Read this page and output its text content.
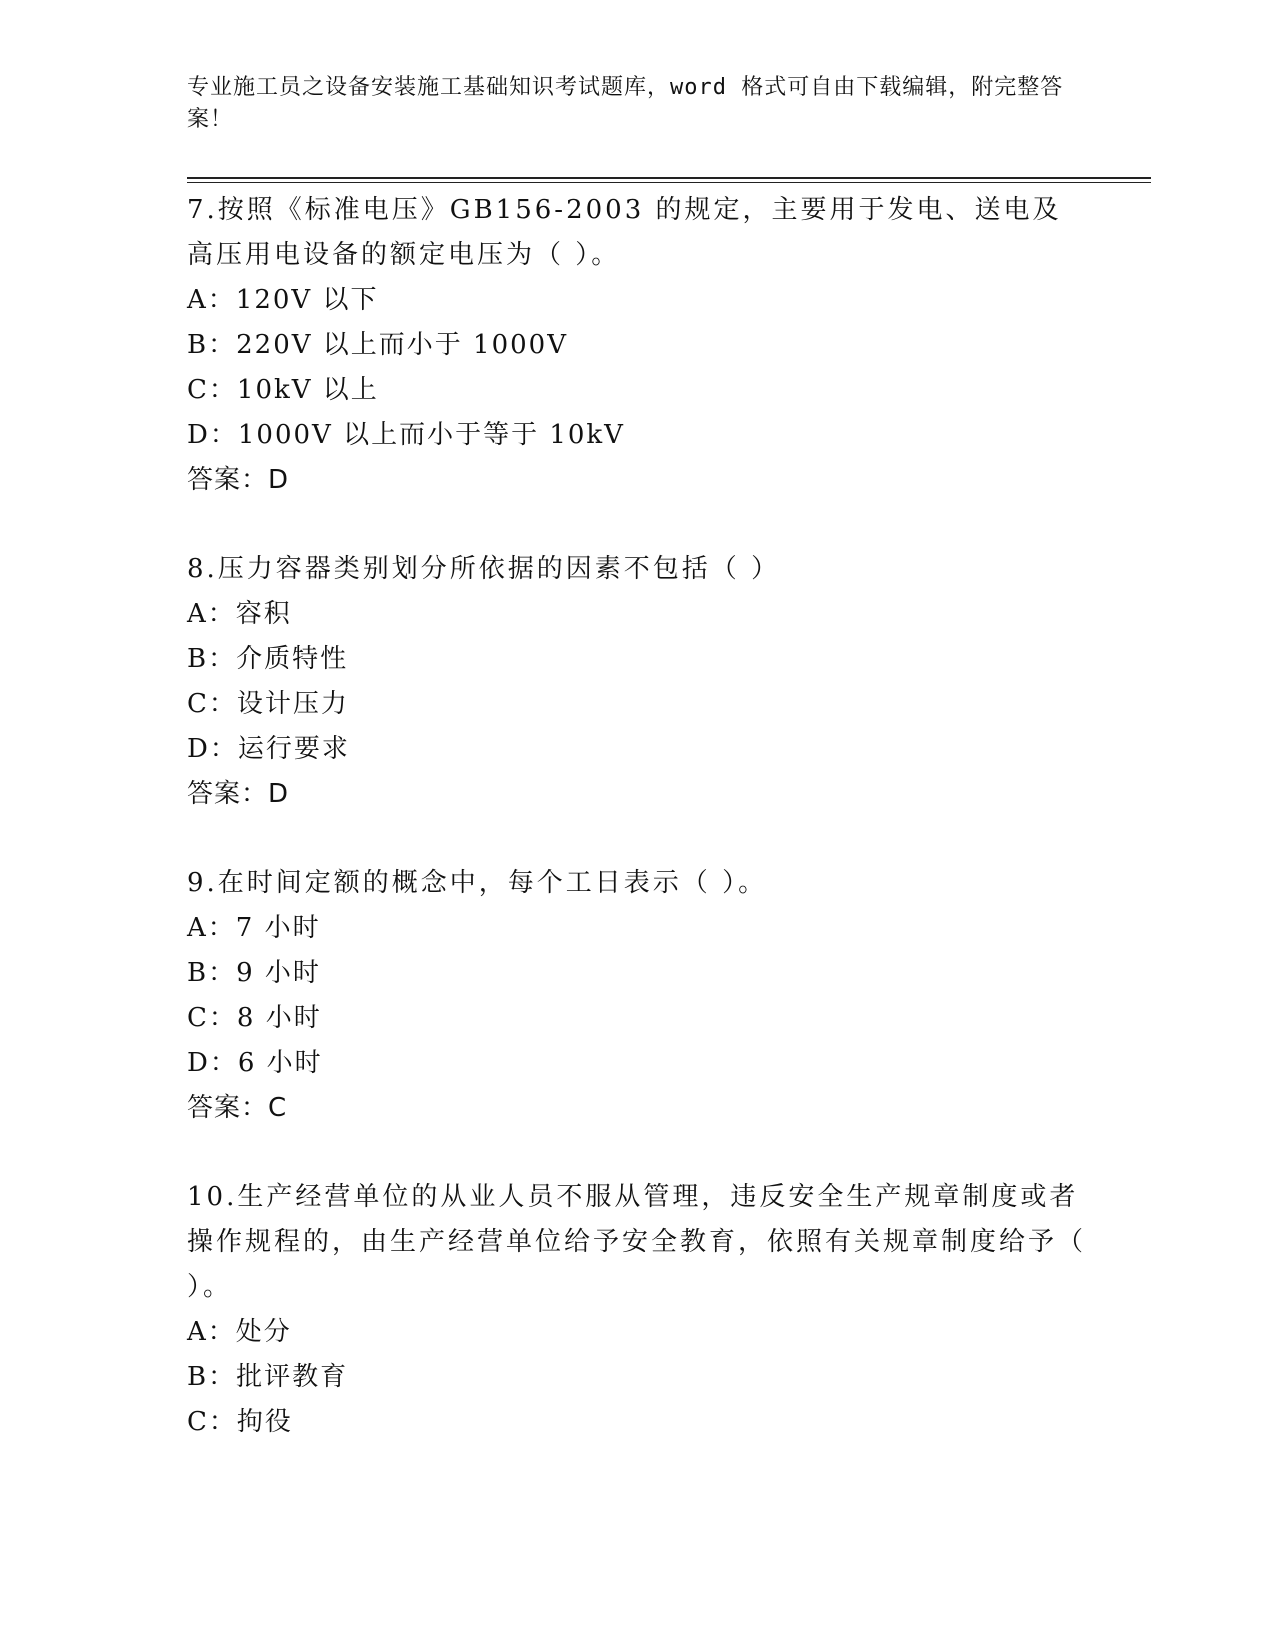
专业施工员之设备安装施工基础知识考试题库，word 格式可自由下载编辑，附完整答案！

7.按照《标准电压》GB156-2003 的规定，主要用于发电、送电及高压用电设备的额定电压为（ ）。

A：120V 以下

B：220V 以上而小于 1000V

C：10kV 以上

D：1000V 以上而小于等于 10kV

答案：D

8.压力容器类别划分所依据的因素不包括（ ）

A：容积

B：介质特性

C：设计压力

D：运行要求

答案：D

9.在时间定额的概念中，每个工日表示（ ）。

A：7 小时

B：9 小时

C：8 小时

D：6 小时

答案：C

10.生产经营单位的从业人员不服从管理，违反安全生产规章制度或者操作规程的，由生产经营单位给予安全教育，依照有关规章制度给予（ ）。

A：处分

B：批评教育

C：拘役
